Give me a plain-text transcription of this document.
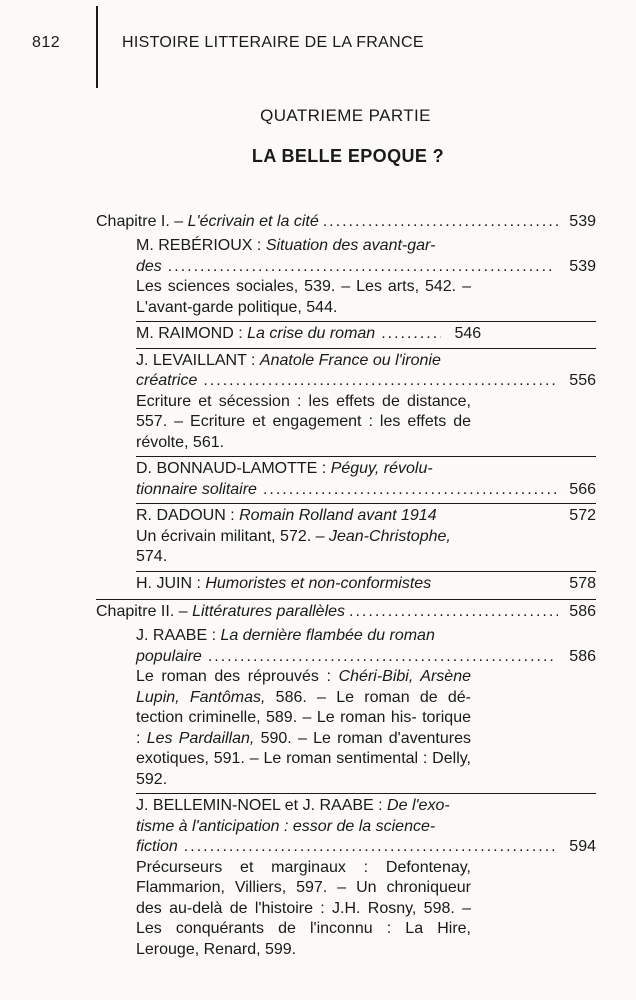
812	HISTOIRE LITTERAIRE DE LA FRANCE
QUATRIEME PARTIE
LA BELLE EPOQUE ?
Chapitre I. – L'écrivain et la cité .....	539
M. REBÉRIOUX : Situation des avant-gar-
des .....	539
Les sciences sociales, 539. – Les arts, 542. – L'avant-garde politique, 544.
M. RAIMOND : La crise du roman .....	546
J. LEVAILLANT : Anatole France ou l'ironie
créatrice .....	556
Ecriture et sécession : les effets de distance, 557. – Ecriture et engagement : les effets de révolte, 561.
D. BONNAUD-LAMOTTE : Péguy, révolu-
tionnaire solitaire .....	566
R. DADOUN : Romain Rolland avant 1914	572
Un écrivain militant, 572. – Jean-Christophe,
574.
H. JUIN : Humoristes et non-conformistes	578
Chapitre II. – Littératures parallèles .....	586
J. RAABE : La dernière flambée du roman
populaire .....	586
Le roman des réprouvés : Chéri-Bibi, Arsène Lupin, Fantômas, 586. – Le roman de dé- tection criminelle, 589. – Le roman his- torique : Les Pardaillan, 590. – Le roman d'aventures exotiques, 591. – Le roman sentimental : Delly, 592.
J. BELLEMIN-NOEL et J. RAABE : De l'exo-
tisme à l'anticipation : essor de la science-
fiction .....	594
Précurseurs et marginaux : Defontenay, Flammarion, Villiers, 597. – Un chroniqueur des au-delà de l'histoire : J.H. Rosny, 598. – Les conquérants de l'inconnu : La Hire, Lerouge, Renard, 599.
